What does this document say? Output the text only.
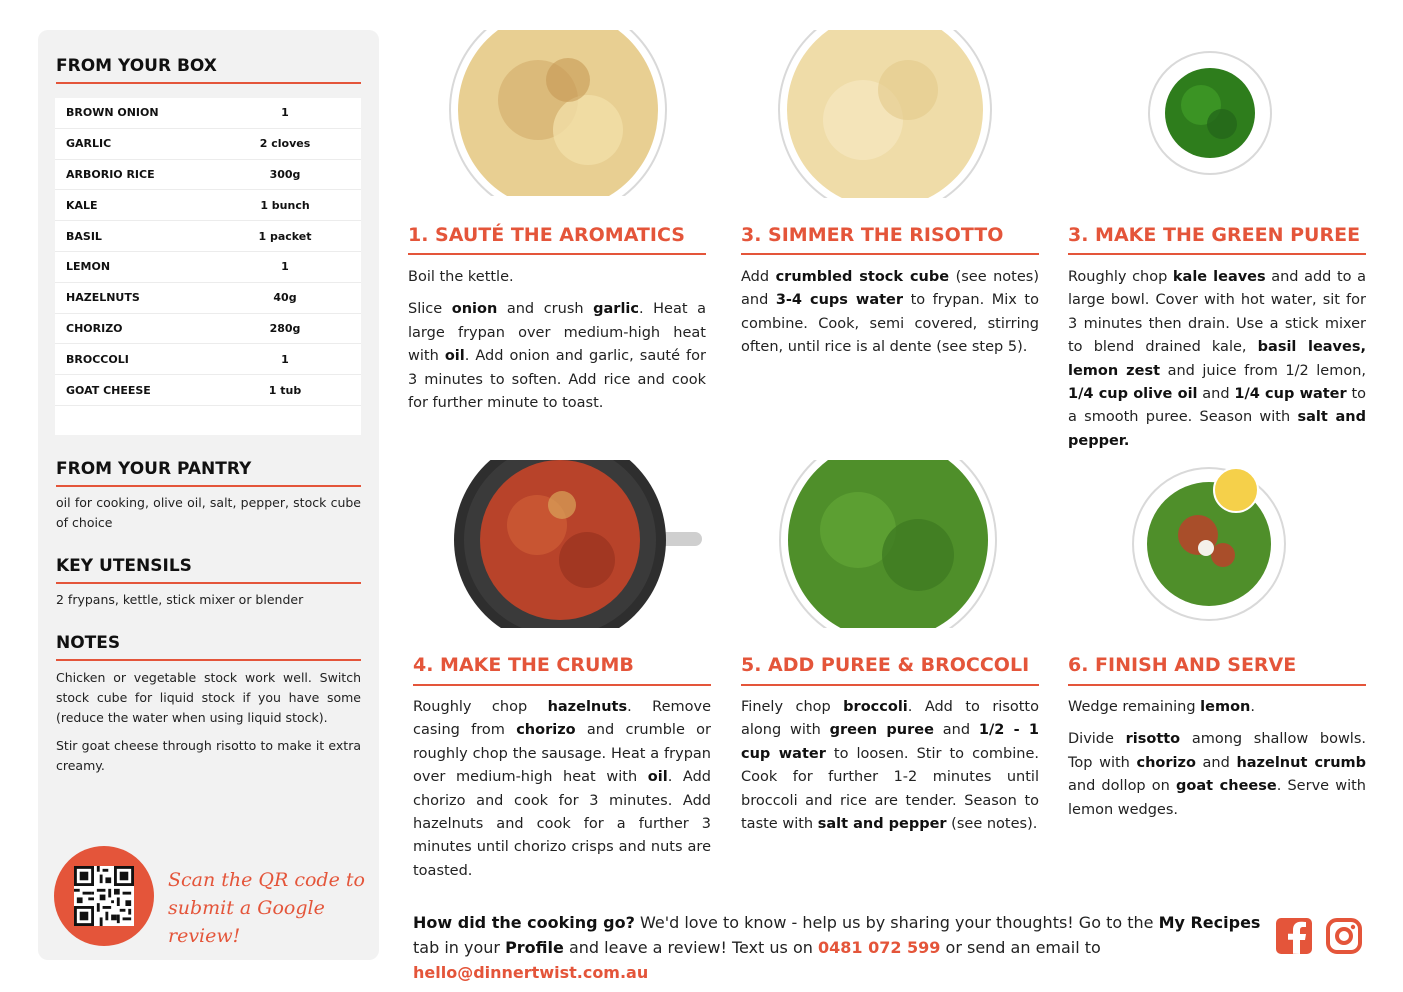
FROM YOUR BOX
BROWN ONION	1
GARLIC	2 cloves
ARBORIO RICE	300g
KALE	1 bunch
BASIL	1 packet
LEMON	1
HAZELNUTS	40g
CHORIZO	280g
BROCCOLI	1
GOAT CHEESE	1 tub
FROM YOUR PANTRY
oil for cooking, olive oil, salt, pepper, stock cube of choice
KEY UTENSILS
2 frypans, kettle, stick mixer or blender
NOTES
Chicken or vegetable stock work well. Switch stock cube for liquid stock if you have some (reduce the water when using liquid stock).
Stir goat cheese through risotto to make it extra creamy.
Scan the QR code to
submit a Google review!
1. SAUTÉ THE AROMATICS

Boil the kettle.

Slice onion and crush garlic. Heat a large frypan over medium-high heat with oil. Add onion and garlic, sauté for 3 minutes to soften. Add rice and cook for further minute to toast.

3. SIMMER THE RISOTTO

Add crumbled stock cube (see notes) and 3-4 cups water to frypan. Mix to combine. Cook, semi covered, stirring often, until rice is al dente (see step 5).

3. MAKE THE GREEN PUREE

Roughly chop kale leaves and add to a large bowl. Cover with hot water, sit for 3 minutes then drain. Use a stick mixer to blend drained kale, basil leaves, lemon zest and juice from 1/2 lemon, 1/4 cup olive oil and 1/4 cup water to a smooth puree. Season with salt and pepper.

4. MAKE THE CRUMB

Roughly chop hazelnuts. Remove casing from chorizo and crumble or roughly chop the sausage. Heat a frypan over medium-high heat with oil. Add chorizo and cook for 3 minutes. Add hazelnuts and cook for a further 3 minutes until chorizo crisps and nuts are toasted.

5. ADD PUREE & BROCCOLI

Finely chop broccoli. Add to risotto along with green puree and 1/2 - 1 cup water to loosen. Stir to combine. Cook for further 1-2 minutes until broccoli and rice are tender. Season to taste with salt and pepper (see notes).

6. FINISH AND SERVE

Wedge remaining lemon.

Divide risotto among shallow bowls. Top with chorizo and hazelnut crumb and dollop on goat cheese. Serve with lemon wedges.

How did the cooking go? We'd love to know - help us by sharing your thoughts! Go to the My Recipes tab in your Profile and leave a review! Text us on 0481 072 599 or send an email to hello@dinnertwist.com.au
